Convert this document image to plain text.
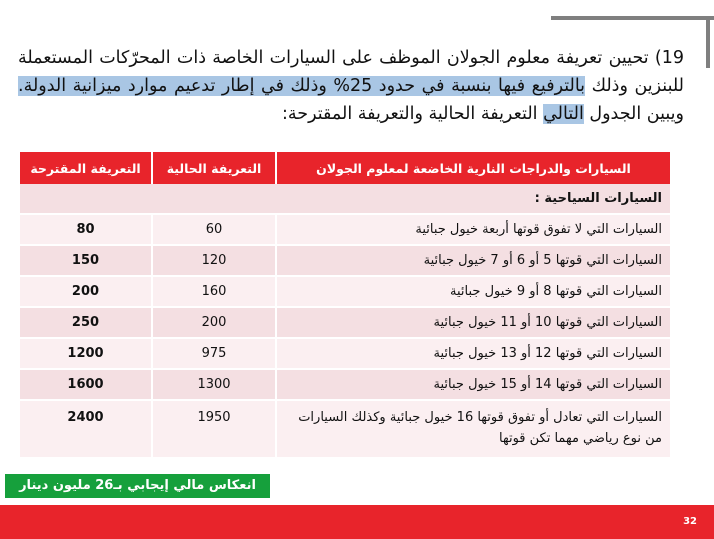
19) تحيين تعريفة معلوم الجولان الموظف على السيارات الخاصة ذات المحرّكات المستعملة للبنزين وذلك بالترفيع فيها بنسبة في حدود 25% وذلك في إطار تدعيم موارد ميزانية الدولة. ويبين الجدول التالي التعريفة الحالية والتعريفة المقترحة:

السيارات والدراجات النارية الخاضعة لمعلوم الجولان	التعريفة الحالية	التعريفة المقترحة
السيارات السياحية :		
السيارات التي لا تفوق قوتها أربعة خيول جبائية	60	80
السيارات التي قوتها 5 أو 6 أو 7 خيول جبائية	120	150
السيارات التي قوتها 8 أو 9 خيول جبائية	160	200
السيارات التي قوتها 10 أو 11 خيول جبائية	200	250
السيارات التي قوتها 12 أو 13 خيول جبائية	975	1200
السيارات التي قوتها 14 أو 15 خيول جبائية	1300	1600
السيارات التي تعادل أو تفوق قوتها 16 خيول جبائية وكذلك السيارات من نوع رياضي مهما تكن قوتها	1950	2400
انعكاس مالي إيجابي بـ26 مليون دينار
32
